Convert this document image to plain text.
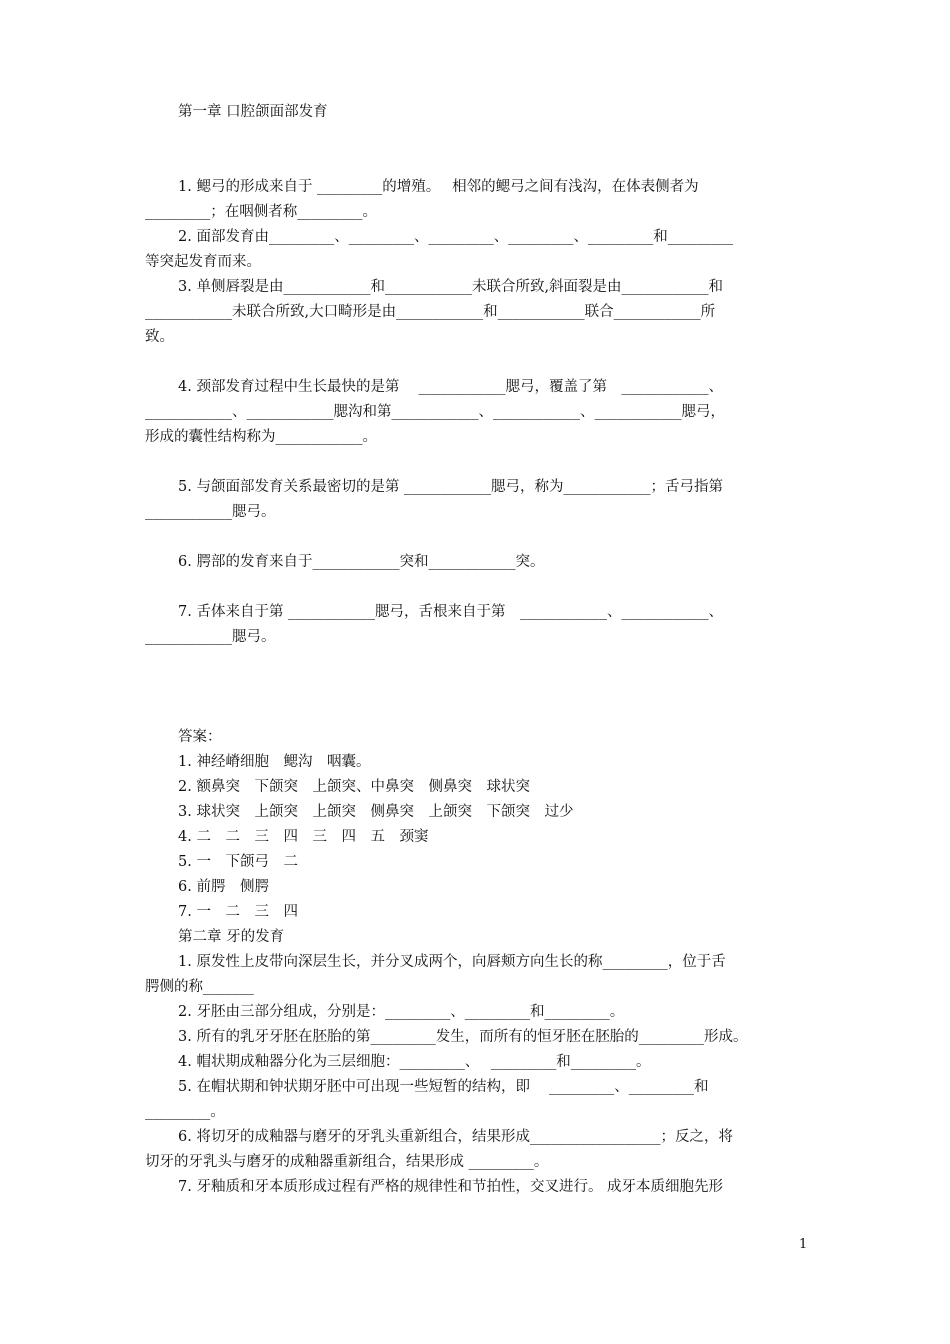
第一章 口腔颌面部发育
1. 鳃弓的形成来自于 _________的增殖。　 相邻的鳃弓之间有浅沟，在体表侧者为
_________；在咽侧者称_________。
2. 面部发育由_________、_________、_________、_________、_________和_________
等突起发育而来。
3. 单侧唇裂是由____________和____________未联合所致,斜面裂是由____________和
____________未联合所致,大口畸形是由____________和____________联合____________所
致。
4. 颈部发育过程中生长最快的是第　 ____________腮弓，覆盖了第　____________、
____________、____________腮沟和第____________、____________、____________腮弓，
形成的囊性结构称为____________。
5. 与颌面部发育关系最密切的是第 ____________腮弓，称为____________；舌弓指第
____________腮弓。
6. 腭部的发育来自于____________突和____________突。
7. 舌体来自于第 ____________腮弓，舌根来自于第　____________、____________、
____________腮弓。
答案：
1. 神经嵴细胞　鳃沟　咽囊。
2. 额鼻突　下颌突　上颌突、中鼻突　侧鼻突　球状突
3. 球状突　上颌突　上颌突　侧鼻突　上颌突　下颌突　过少
4. 二　二　三　四　三　四　五　颈窦
5. 一　下颌弓　二
6. 前腭　侧腭
7. 一　二　三　四
第二章 牙的发育
1. 原发性上皮带向深层生长，并分叉成两个，向唇颊方向生长的称_________，位于舌
腭侧的称_______
2. 牙胚由三部分组成，分别是：_________、_________和_________。
3. 所有的乳牙牙胚在胚胎的第_________发生，而所有的恒牙胚在胚胎的_________形成。
4. 帽状期成釉器分化为三层细胞：_________、　 _________和_________。
5. 在帽状期和钟状期牙胚中可出现一些短暂的结构，即　 _________、_________和
_________。
6. 将切牙的成釉器与磨牙的牙乳头重新组合，结果形成__________________；反之，将
切牙的牙乳头与磨牙的成釉器重新组合，结果形成 _________。
7. 牙釉质和牙本质形成过程有严格的规律性和节拍性，交叉进行。 成牙本质细胞先形
1
